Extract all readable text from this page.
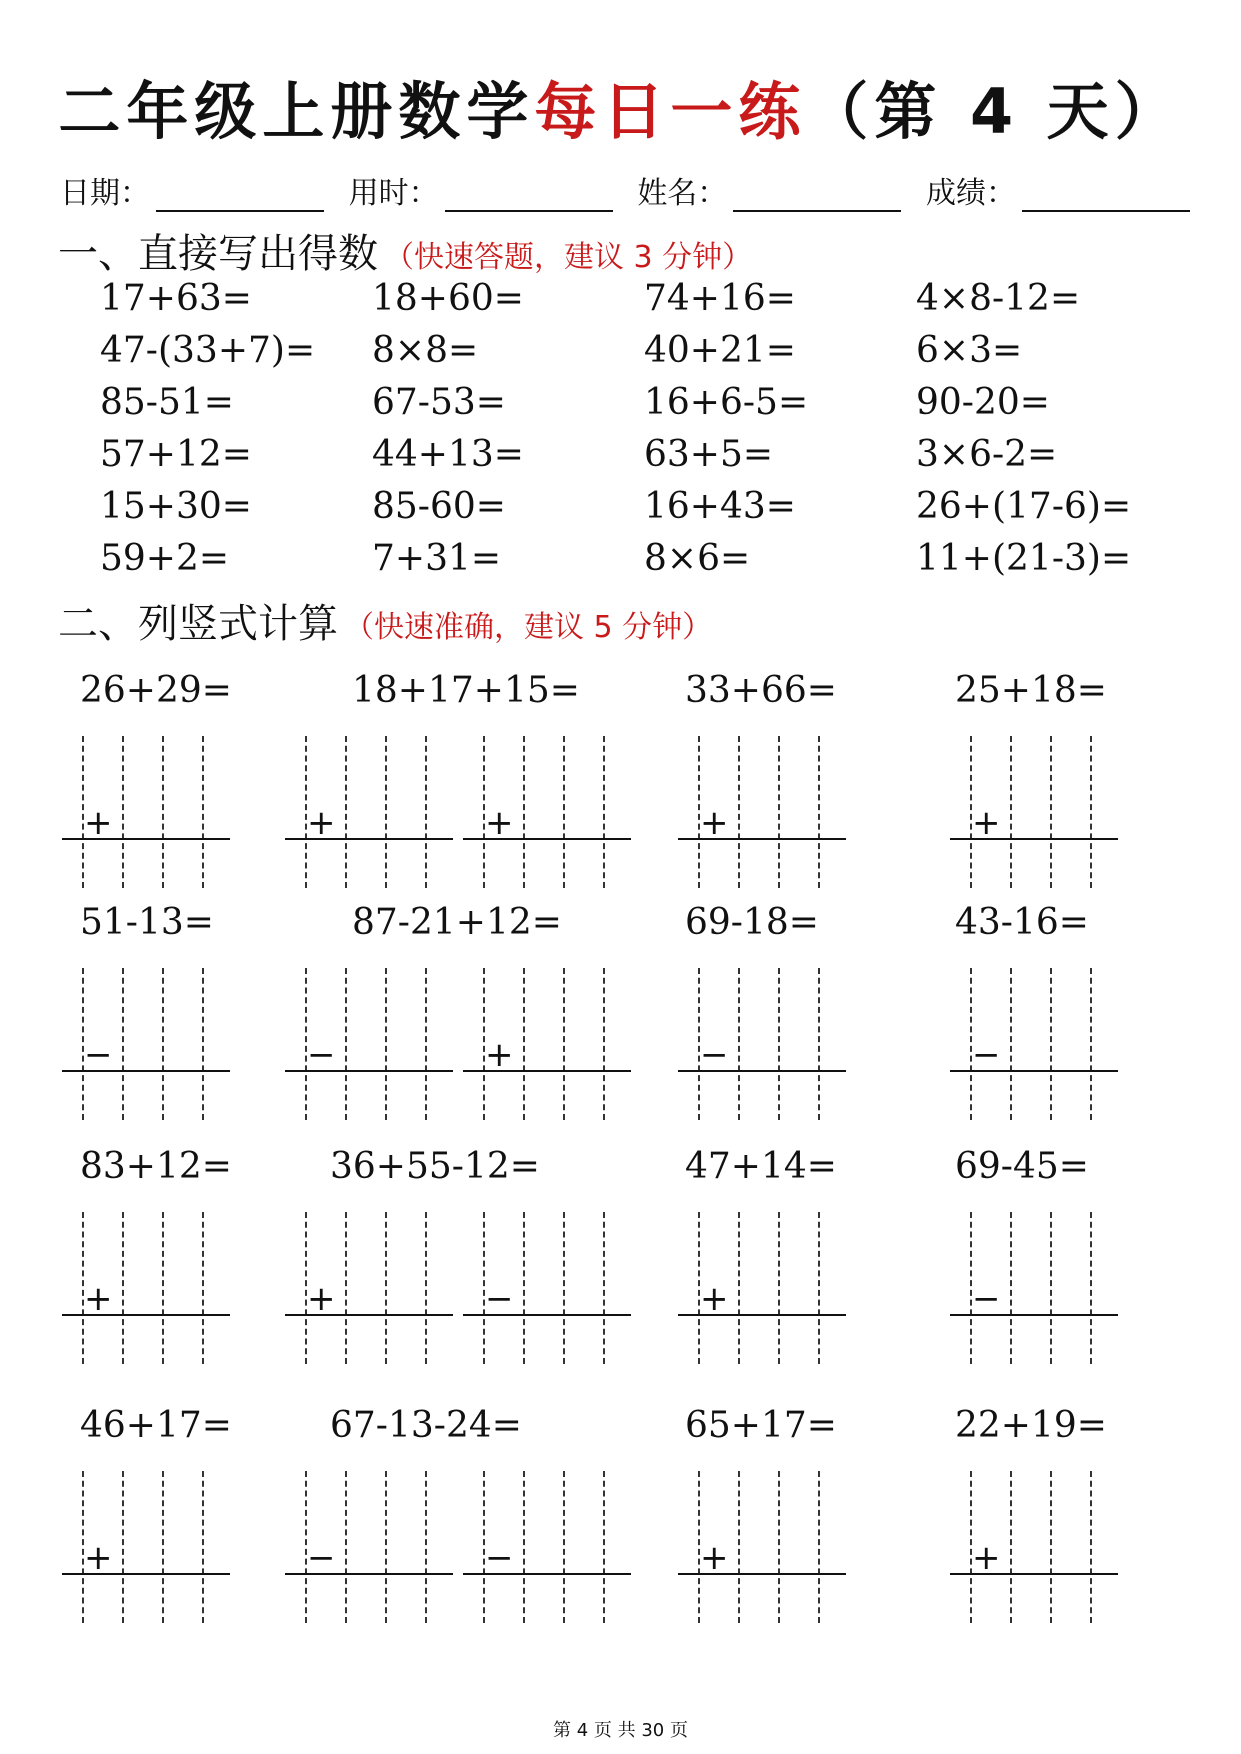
二年级上册数学每日一练（第 4 天）
日期：	用时：	姓名：	成绩：
一、直接写出得数 （快速答题，建议 3 分钟）
17+63=	18+60=	74+16=	4×8-12=
47-(33+7)=	8×8=	40+21=	6×3=
85-51=	67-53=	16+6-5=	90-20=
57+12=	44+13=	63+5=	3×6-2=
15+30=	85-60=	16+43=	26+(17-6)=
59+2=	7+31=	8×6=	11+(21-3)=
二、列竖式计算 （快速准确，建议 5 分钟）
26+29=	18+17+15=	33+66=	25+18=
+	+	+	+	+
51-13=	87-21+12=	69-18=	43-16=
−	−	+	−	−
83+12=	36+55-12=	47+14=	69-45=
+	+	−	+	−
46+17=	67-13-24=	65+17=	22+19=
+	−	−	+	+
第 4 页 共 30 页
